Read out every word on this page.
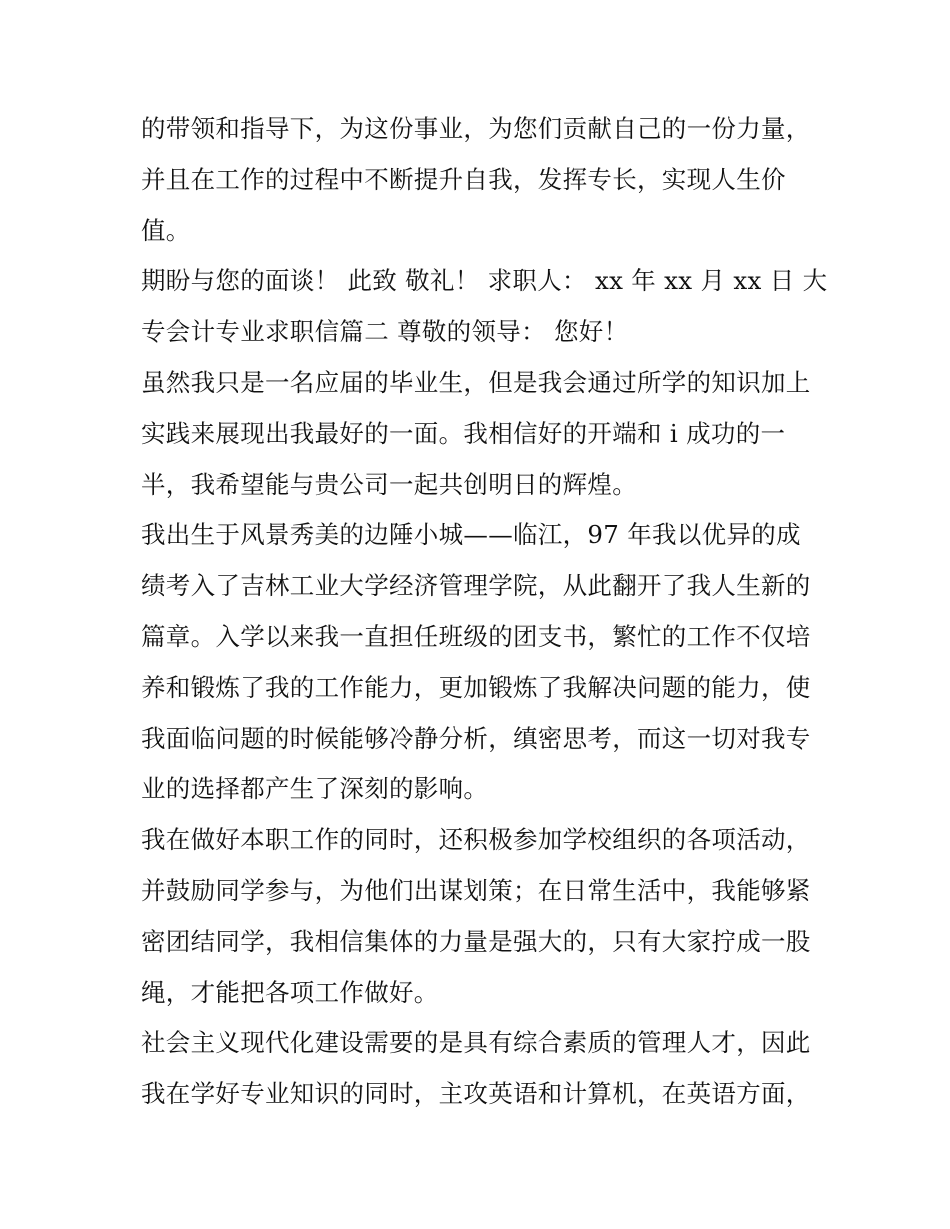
的带领和指导下，为这份事业，为您们贡献自己的一份力量，
并且在工作的过程中不断提升自我，发挥专长，实现人生价
值。
期盼与您的面谈！ 此致 敬礼！ 求职人： xx 年 xx 月 xx 日 大
专会计专业求职信篇二 尊敬的领导： 您好！
虽然我只是一名应届的毕业生，但是我会通过所学的知识加上
实践来展现出我最好的一面。我相信好的开端和 i 成功的一
半，我希望能与贵公司一起共创明日的辉煌。
我出生于风景秀美的边陲小城——临江，97 年我以优异的成
绩考入了吉林工业大学经济管理学院，从此翻开了我人生新的
篇章。入学以来我一直担任班级的团支书，繁忙的工作不仅培
养和锻炼了我的工作能力，更加锻炼了我解决问题的能力，使
我面临问题的时候能够冷静分析，缜密思考，而这一切对我专
业的选择都产生了深刻的影响。
我在做好本职工作的同时，还积极参加学校组织的各项活动，
并鼓励同学参与，为他们出谋划策；在日常生活中，我能够紧
密团结同学，我相信集体的力量是强大的，只有大家拧成一股
绳，才能把各项工作做好。
社会主义现代化建设需要的是具有综合素质的管理人才，因此
我在学好专业知识的同时，主攻英语和计算机，在英语方面，
